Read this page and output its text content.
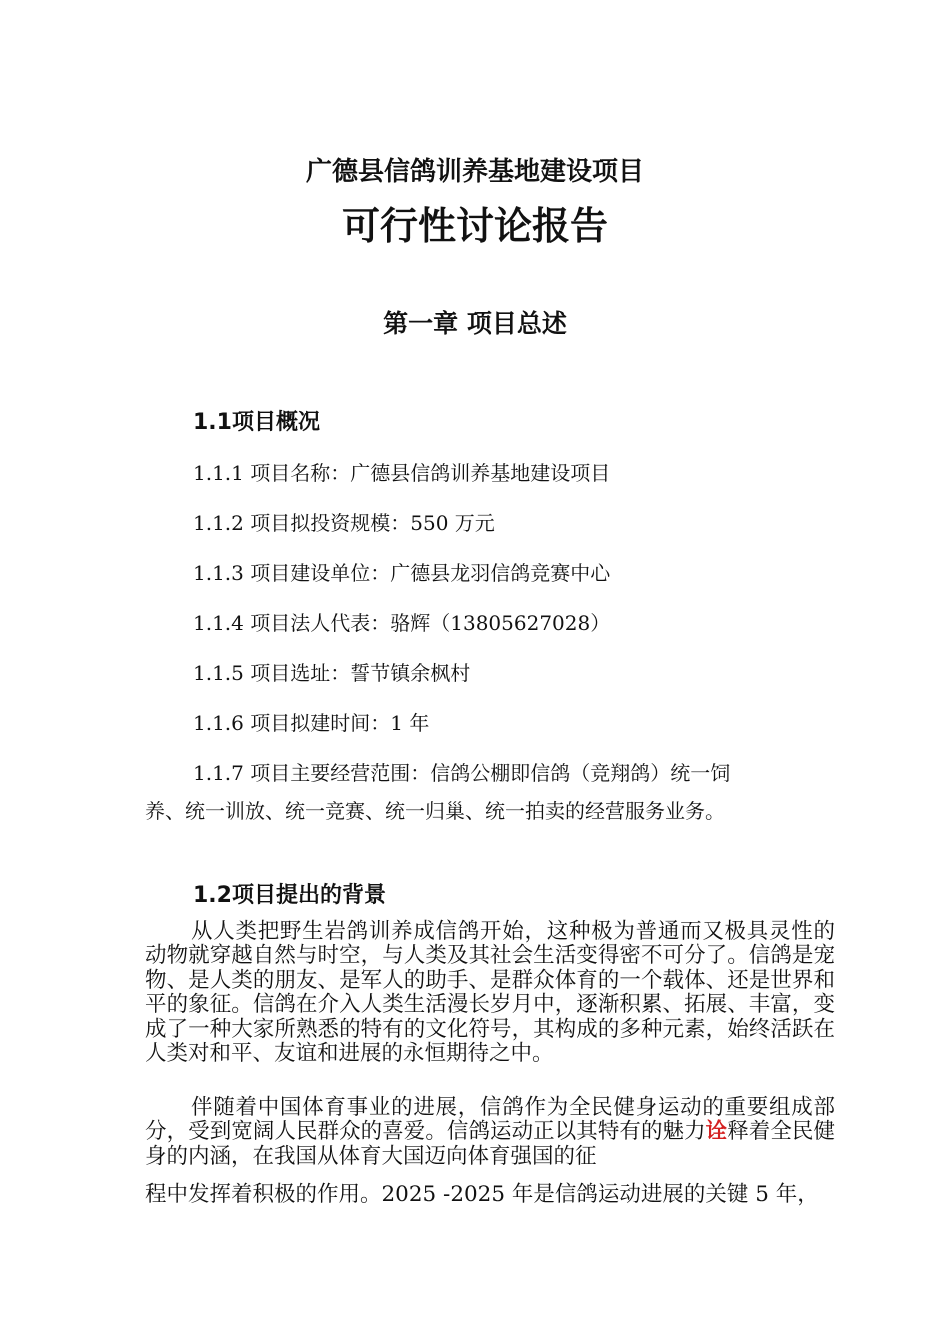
广德县信鸽训养基地建设项目
可行性讨论报告
第一章 项目总述
1.1项目概况
1.1.1 项目名称：广德县信鸽训养基地建设项目
1.1.2 项目拟投资规模：550 万元
1.1.3 项目建设单位：广德县龙羽信鸽竞赛中心
1.1.4 项目法人代表：骆辉（13805627028）
1.1.5 项目选址：誓节镇余枫村
1.1.6 项目拟建时间：1 年
1.1.7 项目主要经营范围：信鸽公棚即信鸽（竞翔鸽）统一饲
养、统一训放、统一竞赛、统一归巢、统一拍卖的经营服务业务。
1.2项目提出的背景

从人类把野生岩鸽训养成信鸽开始，这种极为普通而又极具灵性的动物就穿越自然与时空，与人类及其社会生活变得密不可分了。信鸽是宠物、是人类的朋友、是军人的助手、是群众体育的一个载体、还是世界和平的象征。信鸽在介入人类生活漫长岁月中，逐渐积累、拓展、丰富，变成了一种大家所熟悉的特有的文化符号，其构成的多种元素，始终活跃在人类对和平、友谊和进展的永恒期待之中。

伴随着中国体育事业的进展，信鸽作为全民健身运动的重要组成部分，受到宽阔人民群众的喜爱。信鸽运动正以其特有的魅力诠释着全民健身的内涵，在我国从体育大国迈向体育强国的征

程中发挥着积极的作用。2025 -2025 年是信鸽运动进展的关键 5 年，
